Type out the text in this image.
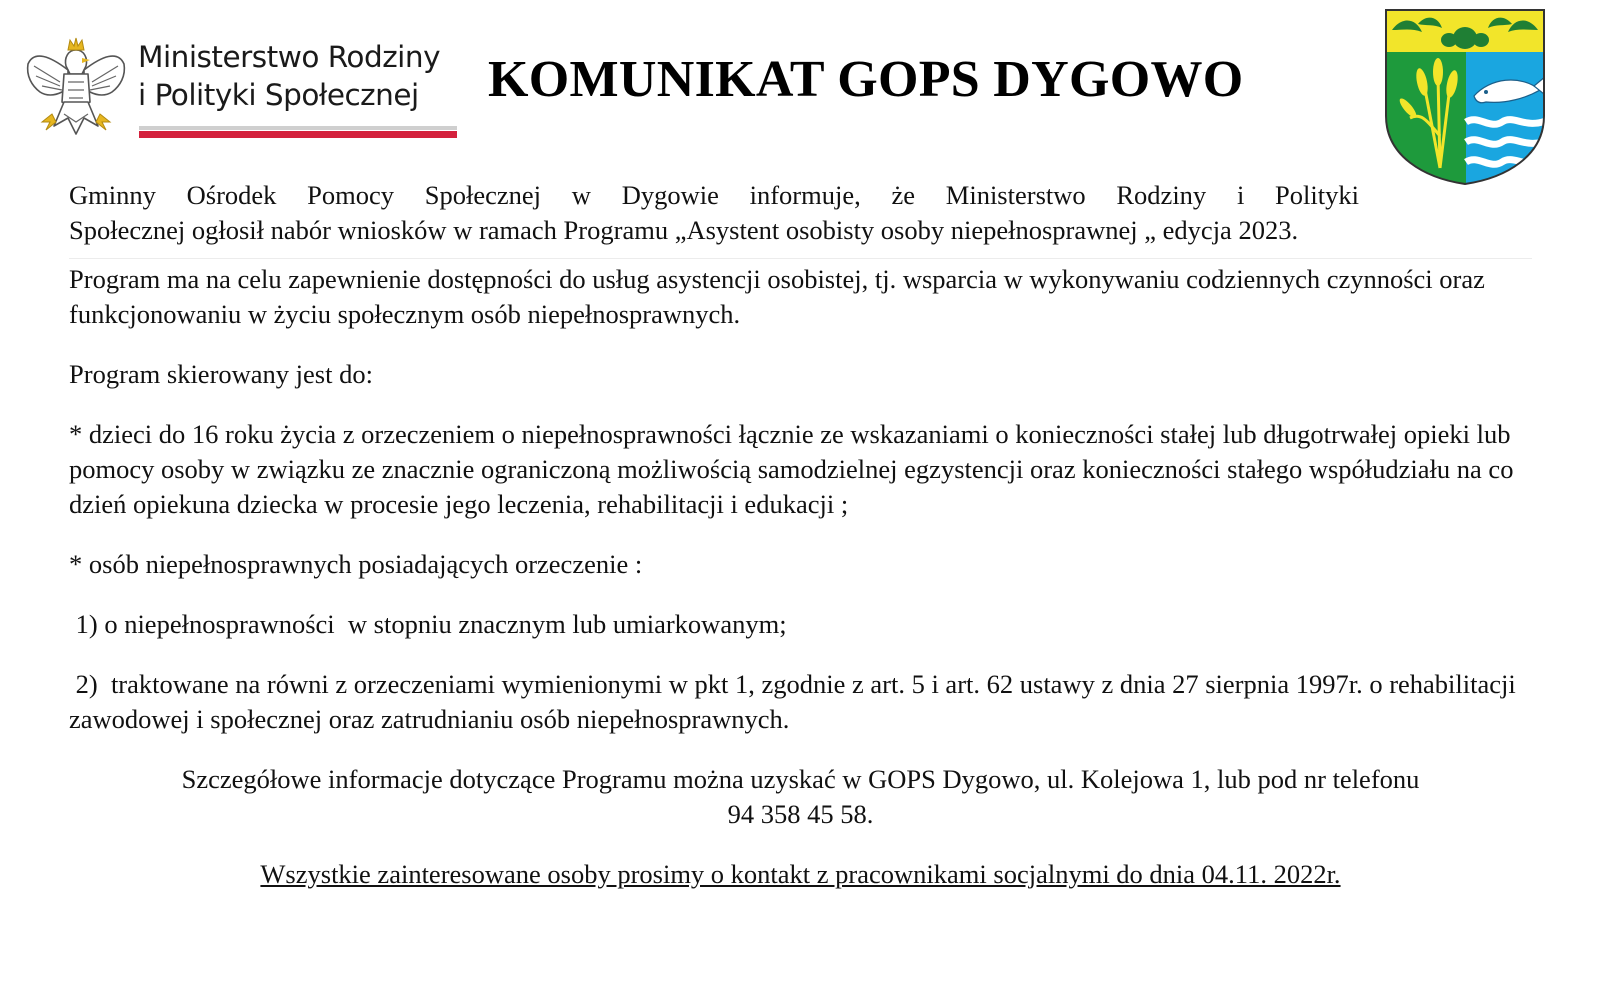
Ministerstwo Rodziny
i Polityki Społecznej	KOMUNIKAT GOPS DYGOWO

Gminny Ośrodek Pomocy Społecznej w Dygowie informuje, że Ministerstwo Rodziny i Polityki

Społecznej ogłosił nabór wniosków w ramach Programu „Asystent osobisty osoby niepełnosprawnej „ edycja 2023.

Program ma na celu zapewnienie dostępności do usług asystencji osobistej, tj. wsparcia w wykonywaniu codziennych czynności oraz funkcjonowaniu w życiu społecznym osób niepełnosprawnych.

Program skierowany jest do:

* dzieci do 16 roku życia z orzeczeniem o niepełnosprawności łącznie ze wskazaniami o konieczności stałej lub długotrwałej opieki lub pomocy osoby w związku ze znacznie ograniczoną możliwością samodzielnej egzystencji oraz konieczności stałego współudziału na co dzień opiekuna dziecka w procesie jego leczenia, rehabilitacji i edukacji ;

* osób niepełnosprawnych posiadających orzeczenie :

1) o niepełnosprawności  w stopniu znacznym lub umiarkowanym;

2)  traktowane na równi z orzeczeniami wymienionymi w pkt 1, zgodnie z art. 5 i art. 62 ustawy z dnia 27 sierpnia 1997r. o rehabilitacji zawodowej i społecznej oraz zatrudnianiu osób niepełnosprawnych.

Szczegółowe informacje dotyczące Programu można uzyskać w GOPS Dygowo, ul. Kolejowa 1, lub pod nr telefonu

94 358 45 58.

Wszystkie zainteresowane osoby prosimy o kontakt z pracownikami socjalnymi do dnia 04.11. 2022r.
